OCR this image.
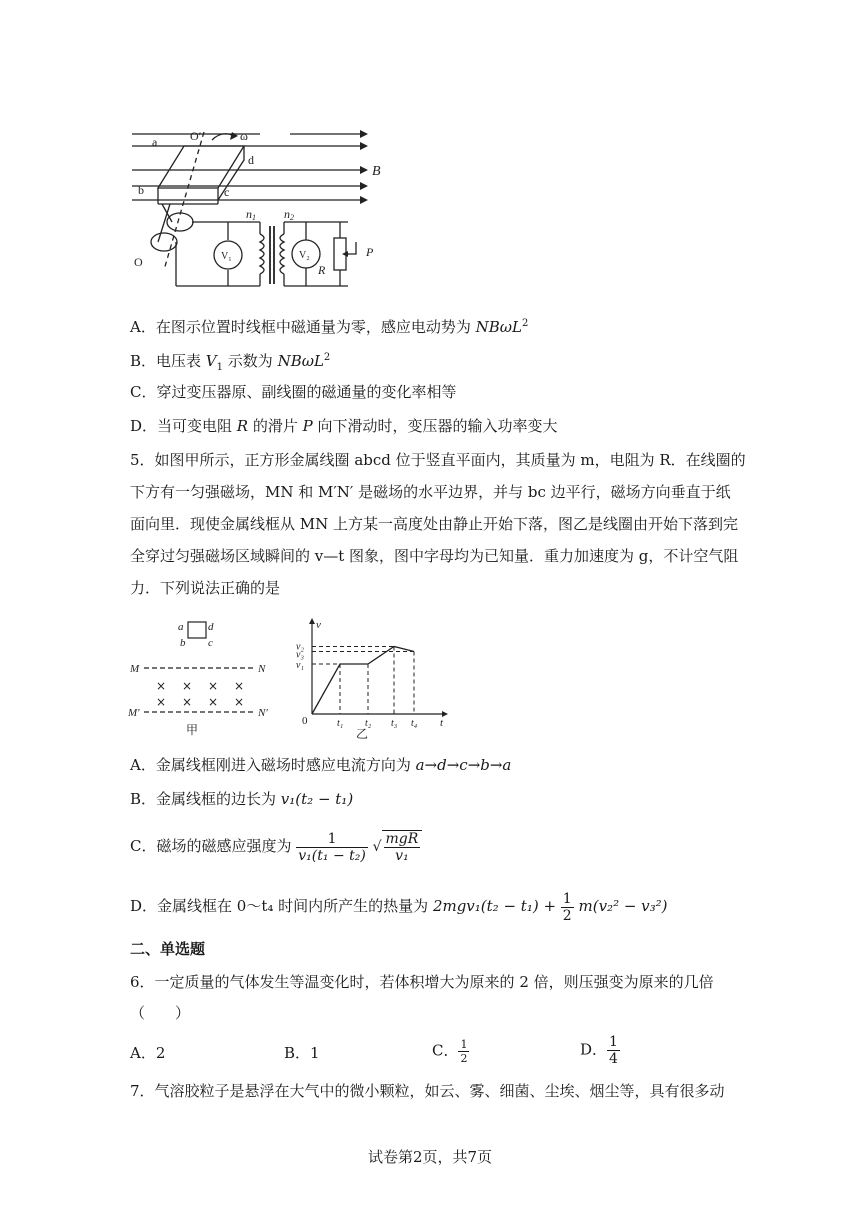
O′	ω
a
d
b	c
B
n1 n2
V₁	V₂
R
P
O
A．在图示位置时线框中磁通量为零，感应电动势为 NBωL$^2$
B．电压表 $V_1$ 示数为 NBωL$^2$
C．穿过变压器原、副线圈的磁通量的变化率相等
D．当可变电阻 R 的滑片 P 向下滑动时，变压器的输入功率变大
5．如图甲所示，正方形金属线圈 abcd 位于竖直平面内，其质量为 m，电阻为 R．在线圈的
下方有一匀强磁场，MN 和 M′N′ 是磁场的水平边界，并与 bc 边平行，磁场方向垂直于纸
面向里．现使金属线框从 MN 上方某一高度处由静止开始下落，图乙是线圈由开始下落到完
全穿过匀强磁场区域瞬间的 v—t 图象，图中字母均为已知量．重力加速度为 g，不计空气阻
力．下列说法正确的是
a d
b c
M	N
M′	N′
× × × ×
× × × ×
甲
v₂
v₃
v₁
t₁ t₂ t₃ t₄
v
t
0
乙
A．金属线框刚进入磁场时感应电流方向为 a→d→c→b→a
B．金属线框的边长为 v₁(t₂ − t₁)
C．磁场的磁感应强度为 $\frac{1}{\text{v₁(t₁ − t₂)}}$ √ $\frac{\text{mgR}}{\text{v₁}}$
D．金属线框在 0～t₄ 时间内所产生的热量为 $2mgv_1(t_2 - t_1) + \frac{1}{2} m(v_2^2 - v_3^2)$
二、单选题
6．一定质量的气体发生等温变化时，若体积增大为原来的 2 倍，则压强变为原来的几倍
（　　）
A．2	B．1	C． $\frac{1}{2}$	D． $\frac{1}{4}$
7．气溶胶粒子是悬浮在大气中的微小颗粒，如云、雾、细菌、尘埃、烟尘等，具有很多动
试卷第2页，共7页
